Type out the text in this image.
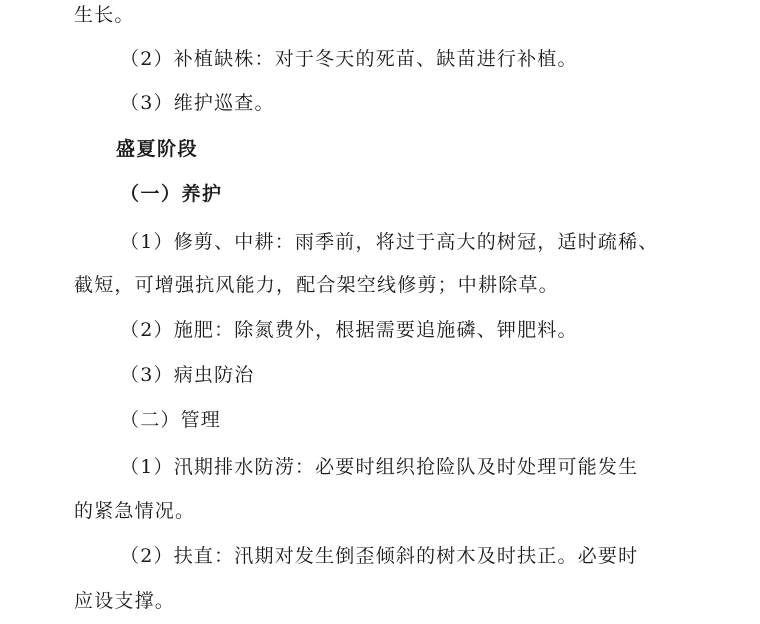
生长。
（2）补植缺株：对于冬天的死苗、缺苗进行补植。
（3）维护巡查。
盛夏阶段
（一）养护
（1）修剪、中耕：雨季前，将过于高大的树冠，适时疏稀、
截短，可增强抗风能力，配合架空线修剪；中耕除草。
（2）施肥：除氮费外，根据需要追施磷、钾肥料。
（3）病虫防治
（二）管理
（1）汛期排水防涝：必要时组织抢险队及时处理可能发生
的紧急情况。
（2）扶直：汛期对发生倒歪倾斜的树木及时扶正。必要时
应设支撑。
